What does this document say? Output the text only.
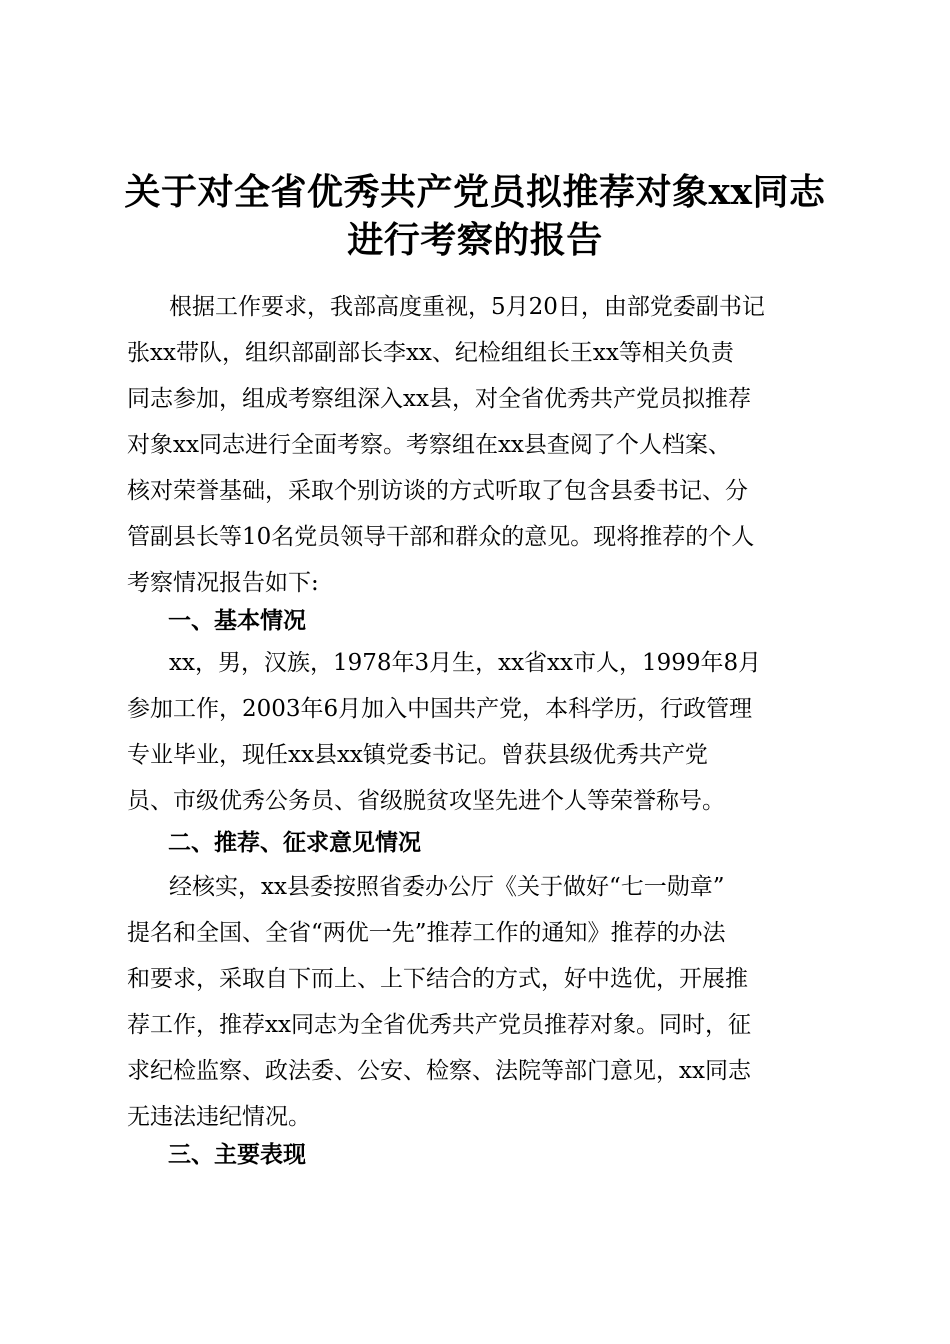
关于对全省优秀共产党员拟推荐对象xx同志
进行考察的报告
根据工作要求，我部高度重视，5月20日，由部党委副书记
张xx带队，组织部副部长李xx、纪检组组长王xx等相关负责
同志参加，组成考察组深入xx县，对全省优秀共产党员拟推荐
对象xx同志进行全面考察。考察组在xx县查阅了个人档案、
核对荣誉基础，采取个别访谈的方式听取了包含县委书记、分
管副县长等10名党员领导干部和群众的意见。现将推荐的个人
考察情况报告如下:
一、基本情况
xx，男，汉族，1978年3月生，xx省xx市人，1999年8月
参加工作，2003年6月加入中国共产党，本科学历，行政管理
专业毕业，现任xx县xx镇党委书记。曾获县级优秀共产党
员、市级优秀公务员、省级脱贫攻坚先进个人等荣誉称号。
二、推荐、征求意见情况
经核实，xx县委按照省委办公厅《关于做好“七一勋章”
提名和全国、全省“两优一先”推荐工作的通知》推荐的办法
和要求，采取自下而上、上下结合的方式，好中选优，开展推
荐工作，推荐xx同志为全省优秀共产党员推荐对象。同时，征
求纪检监察、政法委、公安、检察、法院等部门意见，xx同志
无违法违纪情况。
三、主要表现
